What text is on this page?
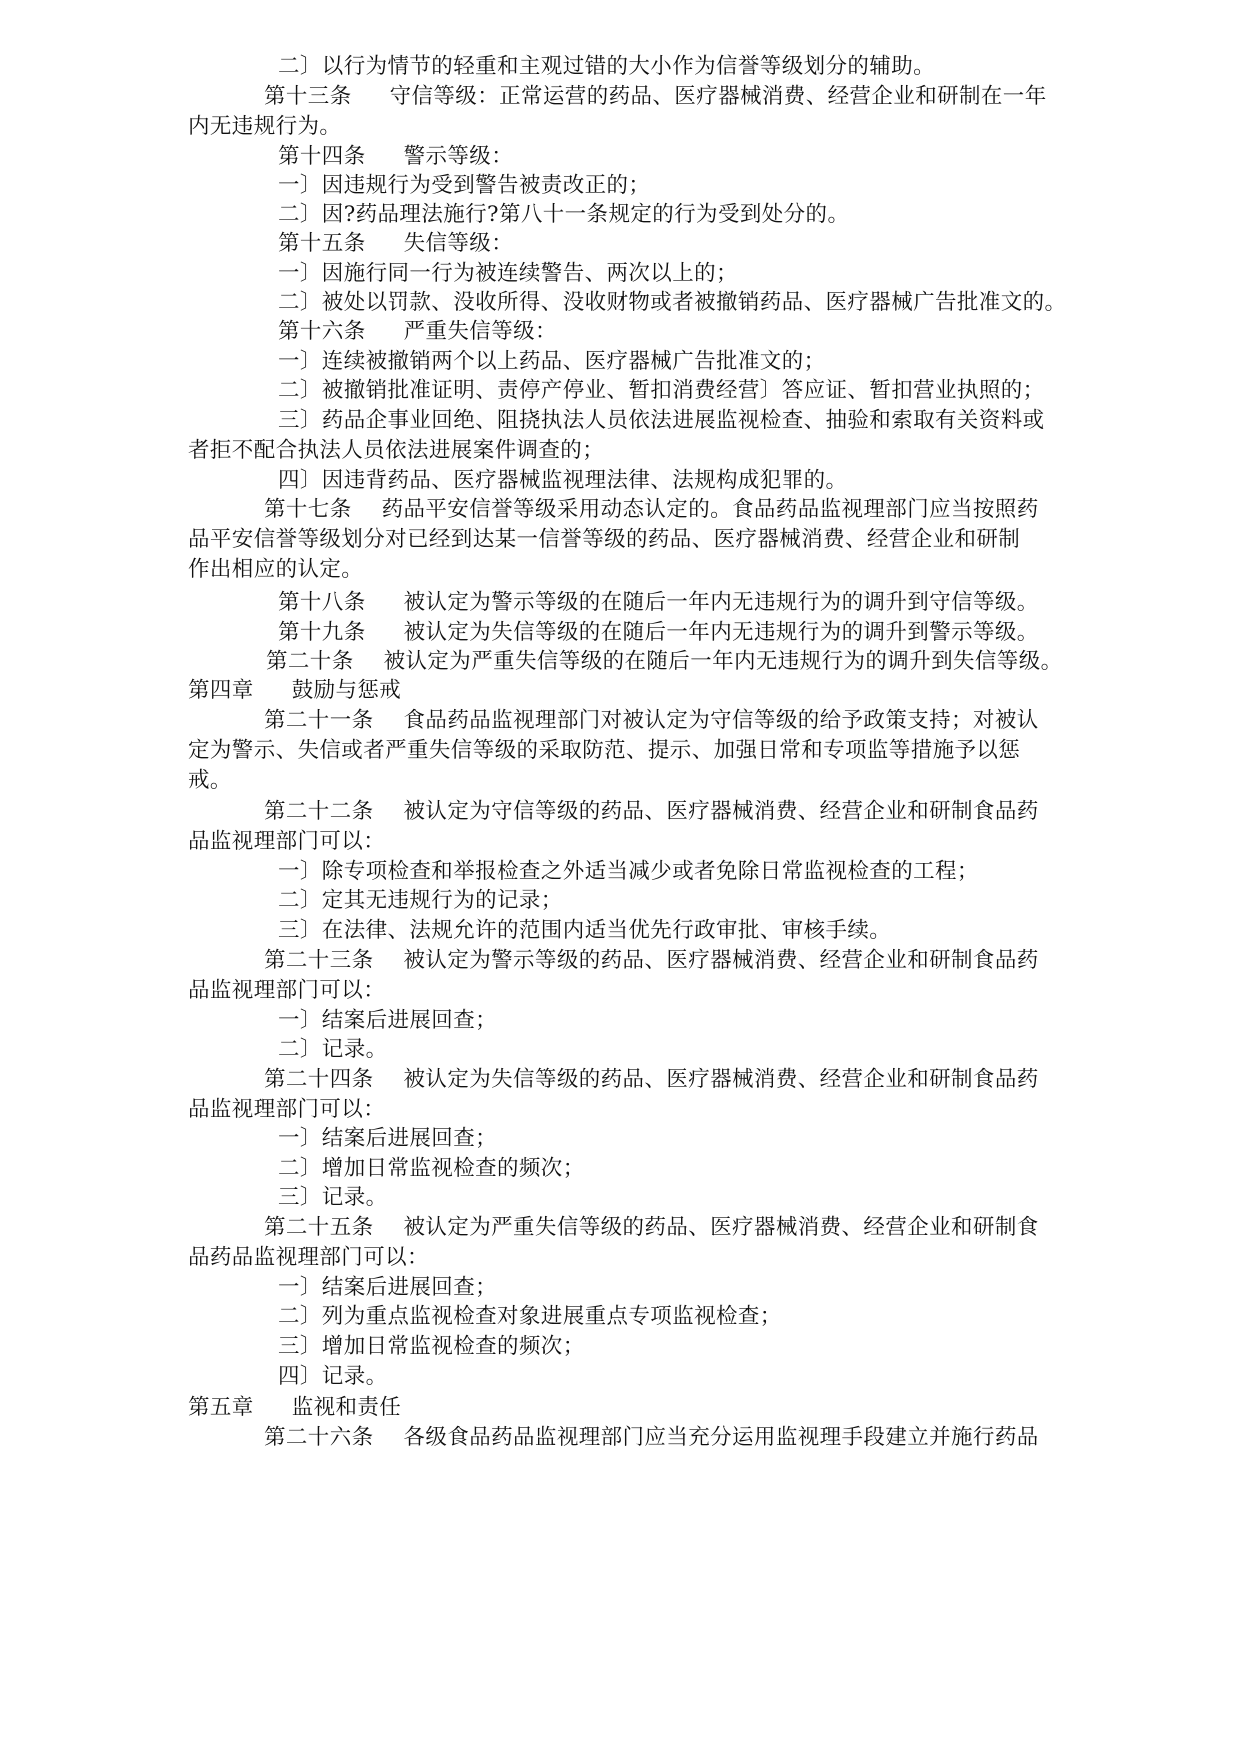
二〕以行为情节的轻重和主观过错的大小作为信誉等级划分的辅助。
第十三条 守信等级：正常运营的药品、医疗器械消费、经营企业和研制在一年
内无违规行为。
第十四条 警示等级：
一〕因违规行为受到警告被责改正的；
二〕因?药品理法施行?第八十一条规定的行为受到处分的。
第十五条 失信等级：
一〕因施行同一行为被连续警告、两次以上的；
二〕被处以罚款、没收所得、没收财物或者被撤销药品、医疗器械广告批准文的。
第十六条 严重失信等级：
一〕连续被撤销两个以上药品、医疗器械广告批准文的；
二〕被撤销批准证明、责停产停业、暂扣消费经营〕答应证、暂扣营业执照的；
三〕药品企事业回绝、阻挠执法人员依法进展监视检查、抽验和索取有关资料或
者拒不配合执法人员依法进展案件调查的；
四〕因违背药品、医疗器械监视理法律、法规构成犯罪的。
第十七条 药品平安信誉等级采用动态认定的。食品药品监视理部门应当按照药
品平安信誉等级划分对已经到达某一信誉等级的药品、医疗器械消费、经营企业和研制
作出相应的认定。
第十八条 被认定为警示等级的在随后一年内无违规行为的调升到守信等级。
第十九条 被认定为失信等级的在随后一年内无违规行为的调升到警示等级。
第二十条 被认定为严重失信等级的在随后一年内无违规行为的调升到失信等级。
第四章 鼓励与惩戒
第二十一条 食品药品监视理部门对被认定为守信等级的给予政策支持；对被认
定为警示、失信或者严重失信等级的采取防范、提示、加强日常和专项监等措施予以惩
戒。
第二十二条 被认定为守信等级的药品、医疗器械消费、经营企业和研制食品药
品监视理部门可以：
一〕除专项检查和举报检查之外适当减少或者免除日常监视检查的工程；
二〕定其无违规行为的记录；
三〕在法律、法规允许的范围内适当优先行政审批、审核手续。
第二十三条 被认定为警示等级的药品、医疗器械消费、经营企业和研制食品药
品监视理部门可以：
一〕结案后进展回查；
二〕记录。
第二十四条 被认定为失信等级的药品、医疗器械消费、经营企业和研制食品药
品监视理部门可以：
一〕结案后进展回查；
二〕增加日常监视检查的频次；
三〕记录。
第二十五条 被认定为严重失信等级的药品、医疗器械消费、经营企业和研制食
品药品监视理部门可以：
一〕结案后进展回查；
二〕列为重点监视检查对象进展重点专项监视检查；
三〕增加日常监视检查的频次；
四〕记录。
第五章 监视和责任
第二十六条 各级食品药品监视理部门应当充分运用监视理手段建立并施行药品
